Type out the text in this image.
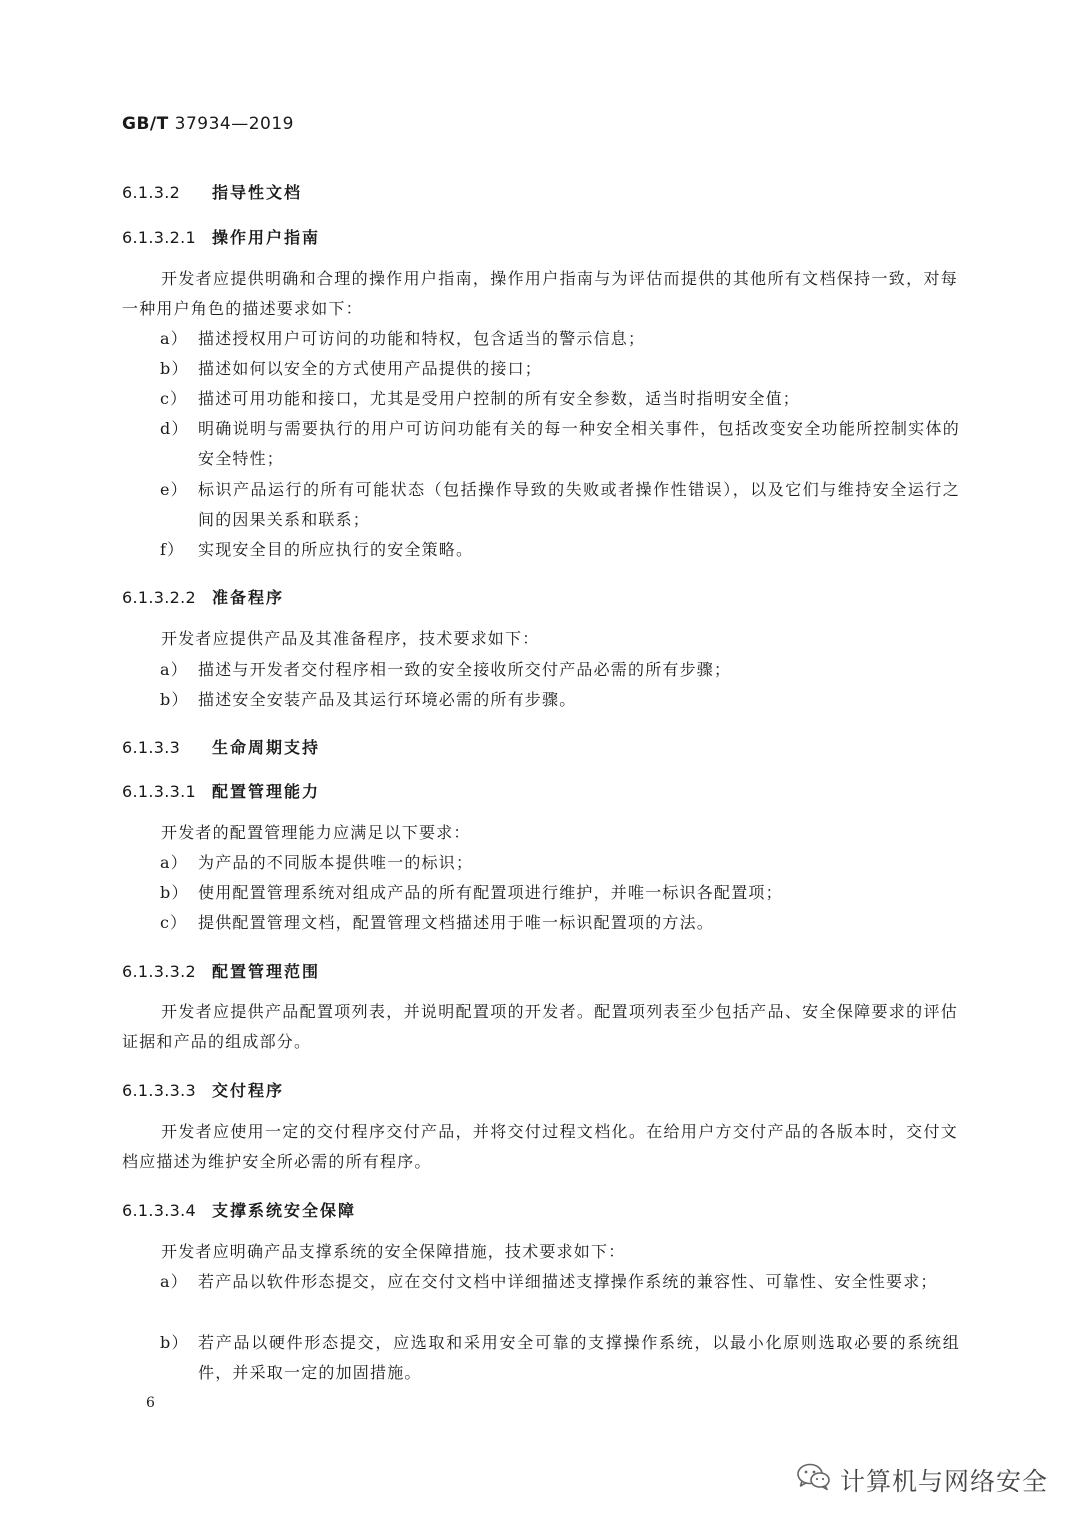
GB/T 37934—2019
6.1.3.2 指导性文档
6.1.3.2.1 操作用户指南
开发者应提供明确和合理的操作用户指南，操作用户指南与为评估而提供的其他所有文档保持一致，对每一种用户角色的描述要求如下：
a） 描述授权用户可访问的功能和特权，包含适当的警示信息；
b） 描述如何以安全的方式使用产品提供的接口；
c） 描述可用功能和接口，尤其是受用户控制的所有安全参数，适当时指明安全值；
d） 明确说明与需要执行的用户可访问功能有关的每一种安全相关事件，包括改变安全功能所控制实体的安全特性；
e） 标识产品运行的所有可能状态（包括操作导致的失败或者操作性错误），以及它们与维持安全运行之间的因果关系和联系；
f） 实现安全目的所应执行的安全策略。
6.1.3.2.2 准备程序
开发者应提供产品及其准备程序，技术要求如下：
a） 描述与开发者交付程序相一致的安全接收所交付产品必需的所有步骤；
b） 描述安全安装产品及其运行环境必需的所有步骤。
6.1.3.3 生命周期支持
6.1.3.3.1 配置管理能力
开发者的配置管理能力应满足以下要求：
a） 为产品的不同版本提供唯一的标识；
b） 使用配置管理系统对组成产品的所有配置项进行维护，并唯一标识各配置项；
c） 提供配置管理文档，配置管理文档描述用于唯一标识配置项的方法。
6.1.3.3.2 配置管理范围
开发者应提供产品配置项列表，并说明配置项的开发者。配置项列表至少包括产品、安全保障要求的评估证据和产品的组成部分。
6.1.3.3.3 交付程序
开发者应使用一定的交付程序交付产品，并将交付过程文档化。在给用户方交付产品的各版本时，交付文档应描述为维护安全所必需的所有程序。
6.1.3.3.4 支撑系统安全保障
开发者应明确产品支撑系统的安全保障措施，技术要求如下：
a） 若产品以软件形态提交，应在交付文档中详细描述支撑操作系统的兼容性、可靠性、安全性要求；
b） 若产品以硬件形态提交，应选取和采用安全可靠的支撑操作系统，以最小化原则选取必要的系统组件，并采取一定的加固措施。
6
计算机与网络安全
